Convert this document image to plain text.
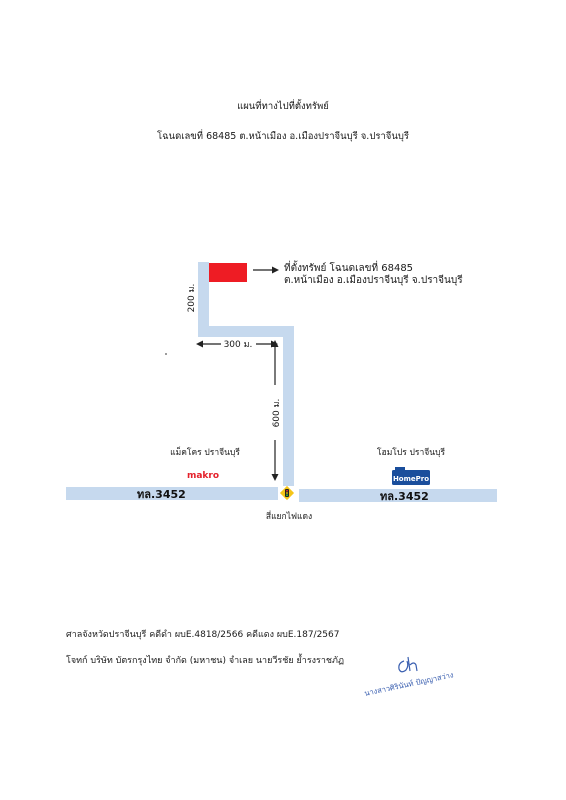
แผนที่ทางไปที่ตั้งทรัพย์
โฉนดเลขที่ 68485 ต.หน้าเมือง อ.เมืองปราจีนบุรี จ.ปราจีนบุรี
ที่ตั้งทรัพย์ โฉนดเลขที่ 68485
ต.หน้าเมือง อ.เมืองปราจีนบุรี จ.ปราจีนบุรี
200 ม.
300 ม.
600 ม.
แม็คโคร ปราจีนบุรี
makro
โฮมโปร ปราจีนบุรี
HomePro
ทล.3452	ทล.3452
สี่แยกไฟแดง
นางสาวศิรินันท์ ปัญญาสว่าง
ศาลจังหวัดปราจีนบุรี คดีดำ ผบE.4818/2566 คดีแดง ผบE.187/2567
โจทก์ บริษัท บัตรกรุงไทย จำกัด (มหาชน) จำเลย นายวีรชัย ย้ำรงราชภัฏ
